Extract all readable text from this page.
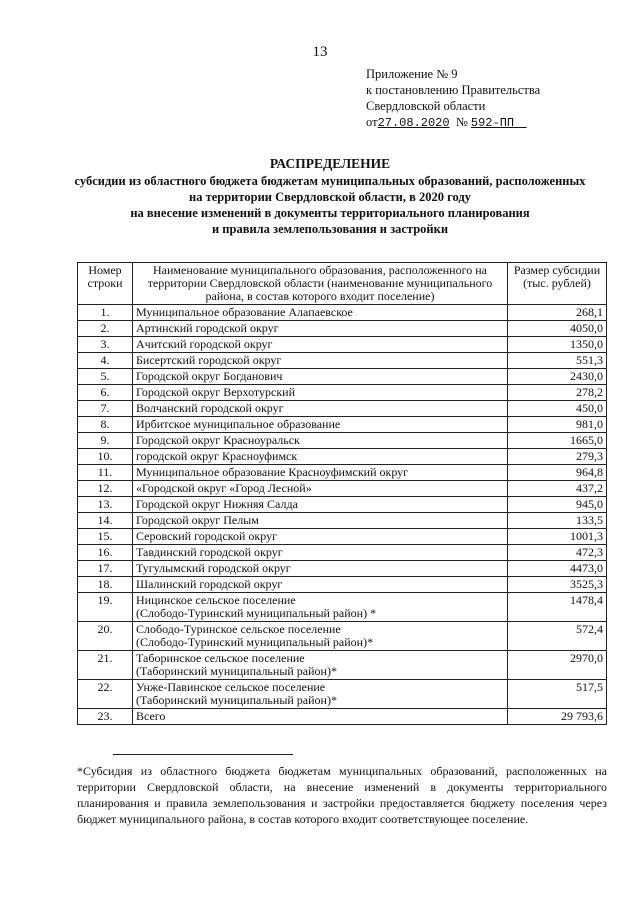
13
Приложение № 9
к постановлению Правительства
Свердловской области
от27.08.2020 № 592-ПП
РАСПРЕДЕЛЕНИЕ
субсидии из областного бюджета бюджетам муниципальных образований, расположенных
на территории Свердловской области, в 2020 году
на внесение изменений в документы территориального планирования
и правила землепользования и застройки
Номер строки	Наименование муниципального образования, расположенного на территории Свердловской области (наименование муниципального района, в состав которого входит поселение)	Размер субсидии (тыс. рублей)
1.	Муниципальное образование Алапаевское	268,1
2.	Артинский городской округ	4050,0
3.	Ачитский городской округ	1350,0
4.	Бисертский городской округ	551,3
5.	Городской округ Богданович	2430,0
6.	Городской округ Верхотурский	278,2
7.	Волчанский городской округ	450,0
8.	Ирбитское муниципальное образование	981,0
9.	Городской округ Красноуральск	1665,0
10.	городской округ Красноуфимск	279,3
11.	Муниципальное образование Красноуфимский округ	964,8
12.	«Городской округ «Город Лесной»	437,2
13.	Городской округ Нижняя Салда	945,0
14.	Городской округ Пелым	133,5
15.	Серовский городской округ	1001,3
16.	Тавдинский городской округ	472,3
17.	Тугулымский городской округ	4473,0
18.	Шалинский городской округ	3525,3
19.	Ницинское сельское поселение
(Слободо-Туринский муниципальный район) *	1478,4
20.	Слободо-Туринское сельское поселение
(Слободо-Туринский муниципальный район)*	572,4
21.	Таборинское сельское поселение
(Таборинский муниципальный район)*	2970,0
22.	Унже-Павинское сельское поселение
(Таборинский муниципальный район)*	517,5
23.	Всего	29 793,6
*Субсидия из областного бюджета бюджетам муниципальных образований, расположенных на территории Свердловской области, на внесение изменений в документы территориального планирования и правила землепользования и застройки предоставляется бюджету поселения через бюджет муниципального района, в состав которого входит соответствующее поселение.
